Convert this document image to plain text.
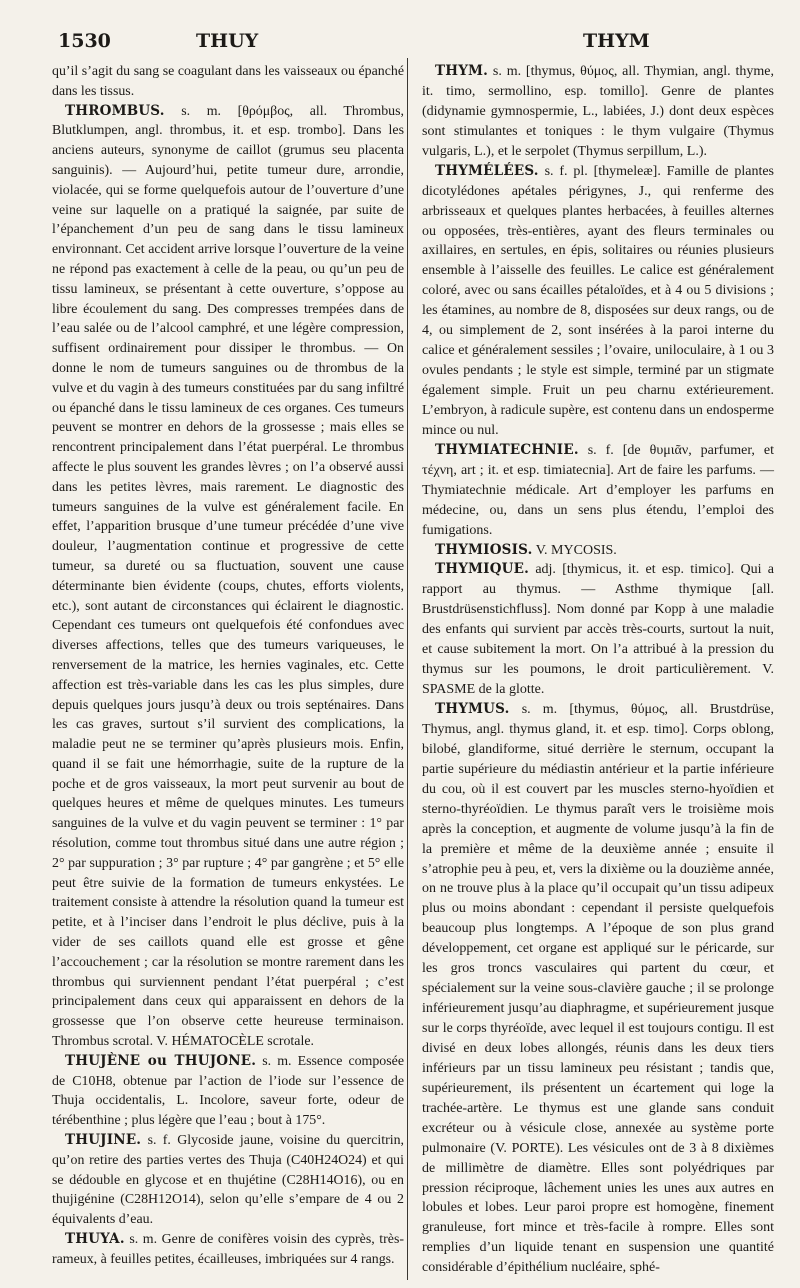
1530	THUY	THYM

qu’il s’agit du sang se coagulant dans les vaisseaux ou épanché dans les tissus.

THROMBUS. s. m. [θρόμβος, all. Thrombus, Blutklumpen, angl. thrombus, it. et esp. trombo]. Dans les anciens auteurs, synonyme de caillot (grumus seu placenta sanguinis). — Aujourd’hui, petite tumeur dure, arrondie, violacée, qui se forme quelquefois autour de l’ouverture d’une veine sur laquelle on a pratiqué la saignée, par suite de l’épanchement d’un peu de sang dans le tissu lamineux environnant. Cet accident arrive lorsque l’ouverture de la veine ne répond pas exactement à celle de la peau, ou qu’un peu de tissu lamineux, se présentant à cette ouverture, s’oppose au libre écoulement du sang. Des compresses trempées dans de l’eau salée ou de l’alcool camphré, et une légère compression, suffisent ordinairement pour dissiper le thrombus. — On donne le nom de tumeurs sanguines ou de thrombus de la vulve et du vagin à des tumeurs constituées par du sang infiltré ou épanché dans le tissu lamineux de ces organes. Ces tumeurs peuvent se montrer en dehors de la grossesse ; mais elles se rencontrent principalement dans l’état puerpéral. Le thrombus affecte le plus souvent les grandes lèvres ; on l’a observé aussi dans les petites lèvres, mais rarement. Le diagnostic des tumeurs sanguines de la vulve est généralement facile. En effet, l’apparition brusque d’une tumeur précédée d’une vive douleur, l’augmentation continue et progressive de cette tumeur, sa dureté ou sa fluctuation, souvent une cause déterminante bien évidente (coups, chutes, efforts violents, etc.), sont autant de circonstances qui éclairent le diagnostic. Cependant ces tumeurs ont quelquefois été confondues avec diverses affections, telles que des tumeurs variqueuses, le renversement de la matrice, les hernies vaginales, etc. Cette affection est très-variable dans les cas les plus simples, dure depuis quelques jours jusqu’à deux ou trois septénaires. Dans les cas graves, surtout s’il survient des complications, la maladie peut ne se terminer qu’après plusieurs mois. Enfin, quand il se fait une hémorrhagie, suite de la rupture de la poche et de gros vaisseaux, la mort peut survenir au bout de quelques heures et même de quelques minutes. Les tumeurs sanguines de la vulve et du vagin peuvent se terminer : 1° par résolution, comme tout thrombus situé dans une autre région ; 2° par suppuration ; 3° par rupture ; 4° par gangrène ; et 5° elle peut être suivie de la formation de tumeurs enkystées. Le traitement consiste à attendre la résolution quand la tumeur est petite, et à l’inciser dans l’endroit le plus déclive, puis à la vider de ses caillots quand elle est grosse et gêne l’accouchement ; car la résolution se montre rarement dans les thrombus qui surviennent pendant l’état puerpéral ; c’est principalement dans ceux qui apparaissent en dehors de la grossesse que l’on observe cette heureuse terminaison. Thrombus scrotal. V. HÉMATOCÈLE scrotale.

THUJÈNE ou THUJONE. s. m. Essence composée de C10H8, obtenue par l’action de l’iode sur l’essence de Thuja occidentalis, L. Incolore, saveur forte, odeur de térébenthine ; plus légère que l’eau ; bout à 175°.

THUJINE. s. f. Glycoside jaune, voisine du quercitrin, qu’on retire des parties vertes des Thuja (C40H24O24) et qui se dédouble en glycose et en thujétine (C28H14O16), ou en thujigénine (C28H12O14), selon qu’elle s’empare de 4 ou 2 équivalents d’eau.

THUYA. s. m. Genre de conifères voisin des cyprès, très-rameux, à feuilles petites, écailleuses, imbriquées sur 4 rangs.

THYM. s. m. [thymus, θύμος, all. Thymian, angl. thyme, it. timo, sermollino, esp. tomillo]. Genre de plantes (didynamie gymnospermie, L., labiées, J.) dont deux espèces sont stimulantes et toniques : le thym vulgaire (Thymus vulgaris, L.), et le serpolet (Thymus serpillum, L.).

THYMÉLÉES. s. f. pl. [thymeleæ]. Famille de plantes dicotylédones apétales périgynes, J., qui renferme des arbrisseaux et quelques plantes herbacées, à feuilles alternes ou opposées, très-entières, ayant des fleurs terminales ou axillaires, en sertules, en épis, solitaires ou réunies plusieurs ensemble à l’aisselle des feuilles. Le calice est généralement coloré, avec ou sans écailles pétaloïdes, et à 4 ou 5 divisions ; les étamines, au nombre de 8, disposées sur deux rangs, ou de 4, ou simplement de 2, sont insérées à la paroi interne du calice et généralement sessiles ; l’ovaire, uniloculaire, à 1 ou 3 ovules pendants ; le style est simple, terminé par un stigmate également simple. Fruit un peu charnu extérieurement. L’embryon, à radicule supère, est contenu dans un endosperme mince ou nul.

THYMIATECHNIE. s. f. [de θυμιᾶν, parfumer, et τέχνη, art ; it. et esp. timiatecnia]. Art de faire les parfums. — Thymiatechnie médicale. Art d’employer les parfums en médecine, ou, dans un sens plus étendu, l’emploi des fumigations.

THYMIOSIS. V. MYCOSIS.

THYMIQUE. adj. [thymicus, it. et esp. timico]. Qui a rapport au thymus. — Asthme thymique [all. Brustdrüsenstichfluss]. Nom donné par Kopp à une maladie des enfants qui survient par accès très-courts, surtout la nuit, et cause subitement la mort. On l’a attribué à la pression du thymus sur les poumons, le droit particulièrement. V. SPASME de la glotte.

THYMUS. s. m. [thymus, θύμος, all. Brustdrüse, Thymus, angl. thymus gland, it. et esp. timo]. Corps oblong, bilobé, glandiforme, situé derrière le sternum, occupant la partie supérieure du médiastin antérieur et la partie inférieure du cou, où il est couvert par les muscles sterno-hyoïdien et sterno-thyréoïdien. Le thymus paraît vers le troisième mois après la conception, et augmente de volume jusqu’à la fin de la première et même de la deuxième année ; ensuite il s’atrophie peu à peu, et, vers la dixième ou la douzième année, on ne trouve plus à la place qu’il occupait qu’un tissu adipeux plus ou moins abondant : cependant il persiste quelquefois beaucoup plus longtemps. A l’époque de son plus grand développement, cet organe est appliqué sur le péricarde, sur les gros troncs vasculaires qui partent du cœur, et spécialement sur la veine sous-clavière gauche ; il se prolonge inférieurement jusqu’au diaphragme, et supérieurement jusque sur le corps thyréoïde, avec lequel il est toujours contigu. Il est divisé en deux lobes allongés, réunis dans les deux tiers inférieurs par un tissu lamineux peu résistant ; tandis que, supérieurement, ils présentent un écartement qui loge la trachée-artère. Le thymus est une glande sans conduit excréteur ou à vésicule close, annexée au système porte pulmonaire (V. PORTE). Les vésicules ont de 3 à 8 dixièmes de millimètre de diamètre. Elles sont polyédriques par pression réciproque, lâchement unies les unes aux autres en lobules et lobes. Leur paroi propre est homogène, finement granuleuse, fort mince et très-facile à rompre. Elles sont remplies d’un liquide tenant en suspension une quantité considérable d’épithélium nucléaire, sphé-
